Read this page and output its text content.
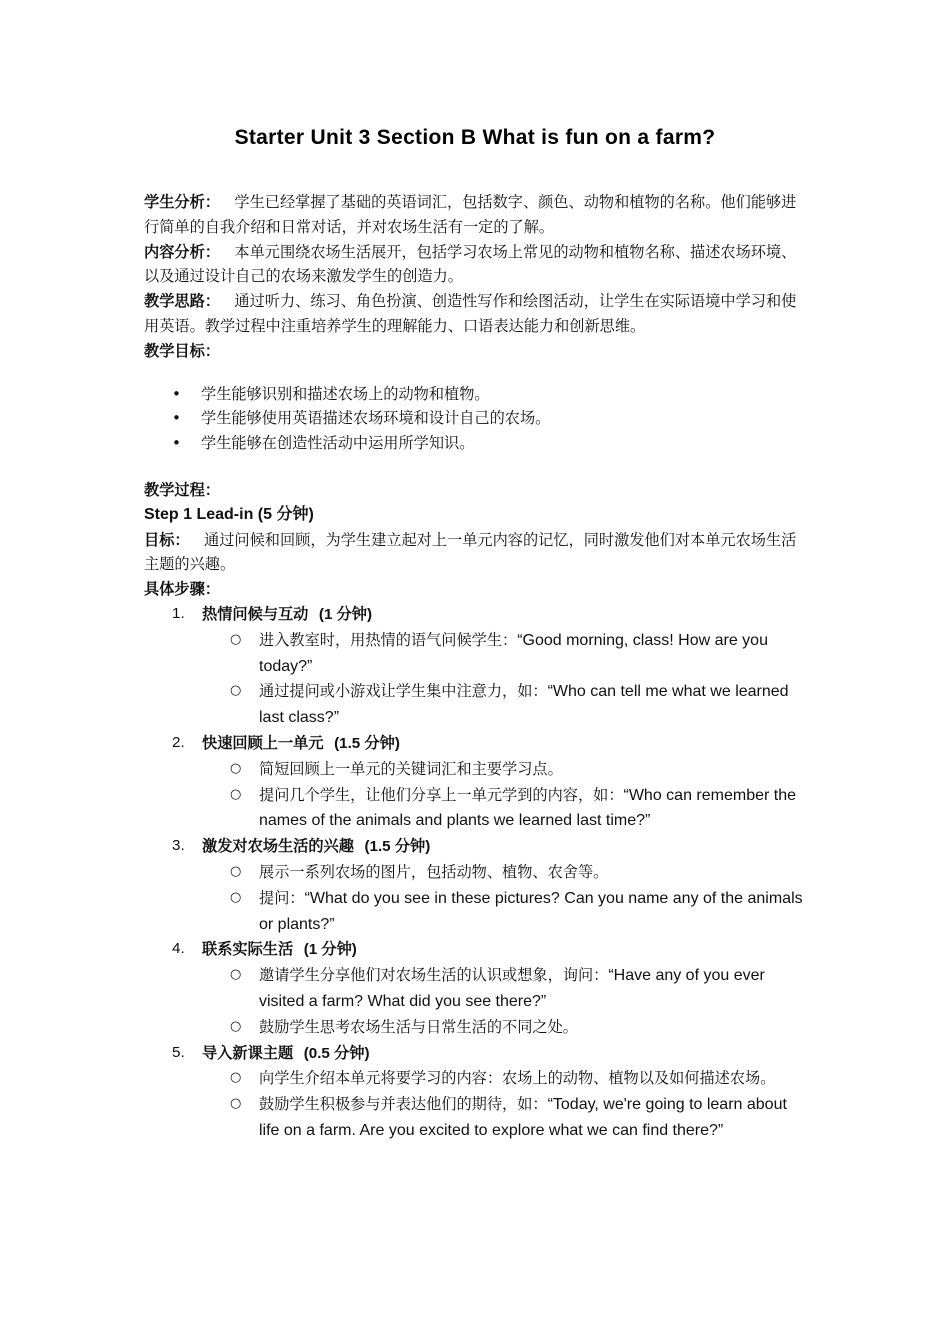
Starter Unit 3 Section B What is fun on a farm?

学生分析： 学生已经掌握了基础的英语词汇，包括数字、颜色、动物和植物的名称。他们能够进行简单的自我介绍和日常对话，并对农场生活有一定的了解。

内容分析： 本单元围绕农场生活展开，包括学习农场上常见的动物和植物名称、描述农场环境、以及通过设计自己的农场来激发学生的创造力。

教学思路： 通过听力、练习、角色扮演、创造性写作和绘图活动，让学生在实际语境中学习和使用英语。教学过程中注重培养学生的理解能力、口语表达能力和创新思维。

教学目标：

• 学生能够识别和描述农场上的动物和植物。
• 学生能够使用英语描述农场环境和设计自己的农场。
• 学生能够在创造性活动中运用所学知识。

教学过程：

Step 1 Lead-in (5 分钟)

目标： 通过问候和回顾，为学生建立起对上一单元内容的记忆，同时激发他们对本单元农场生活主题的兴趣。

具体步骤：

1. 热情问候与互动 (1 分钟)
○ 进入教室时，用热情的语气问候学生：“Good morning, class! How are you today?”
○ 通过提问或小游戏让学生集中注意力，如：“Who can tell me what we learned last class?”
2. 快速回顾上一单元 (1.5 分钟)
○ 简短回顾上一单元的关键词汇和主要学习点。
○ 提问几个学生，让他们分享上一单元学到的内容，如：“Who can remember the names of the animals and plants we learned last time?”
3. 激发对农场生活的兴趣 (1.5 分钟)
○ 展示一系列农场的图片，包括动物、植物、农舍等。
○ 提问：“What do you see in these pictures? Can you name any of the animals or plants?”
4. 联系实际生活 (1 分钟)
○ 邀请学生分享他们对农场生活的认识或想象，询问：“Have any of you ever visited a farm? What did you see there?”
○ 鼓励学生思考农场生活与日常生活的不同之处。
5. 导入新课主题 (0.5 分钟)
○ 向学生介绍本单元将要学习的内容：农场上的动物、植物以及如何描述农场。
○ 鼓励学生积极参与并表达他们的期待，如：“Today, we're going to learn about life on a farm. Are you excited to explore what we can find there?”
